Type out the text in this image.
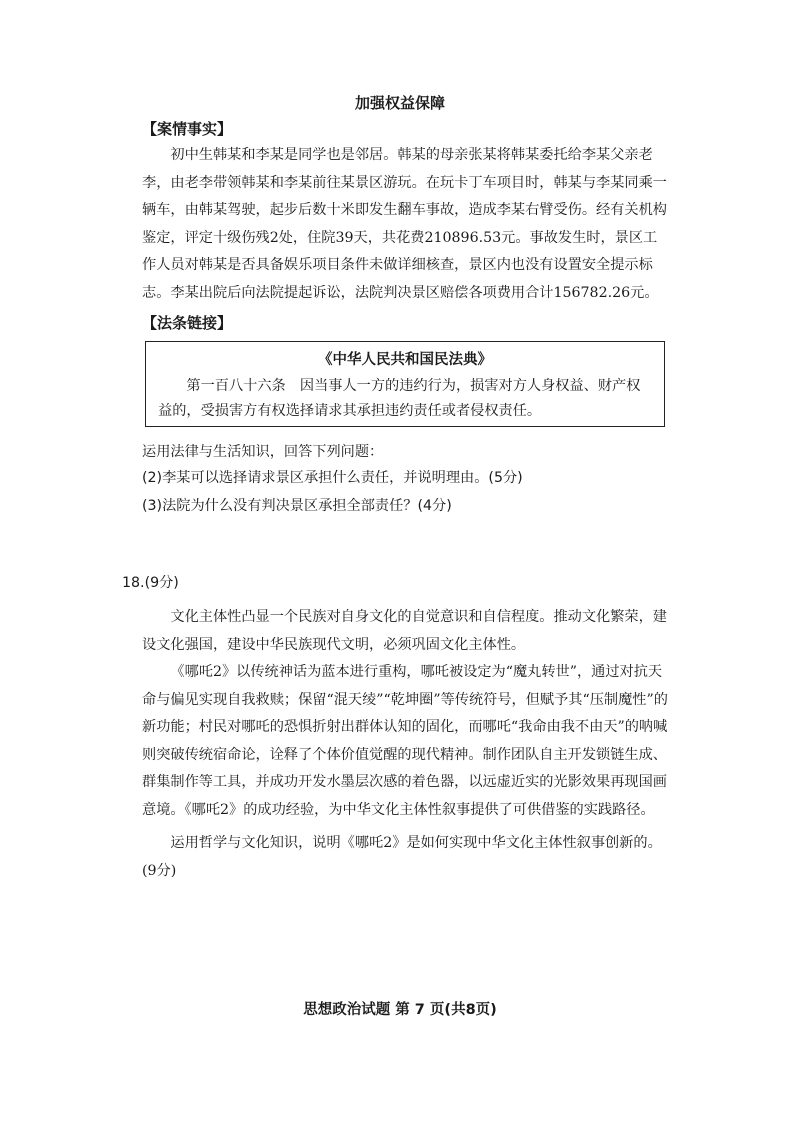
加强权益保障
【案情事实】

初中生韩某和李某是同学也是邻居。韩某的母亲张某将韩某委托给李某父亲老李，由老李带领韩某和李某前往某景区游玩。在玩卡丁车项目时，韩某与李某同乘一辆车，由韩某驾驶，起步后数十米即发生翻车事故，造成李某右臂受伤。经有关机构鉴定，评定十级伤残2处，住院39天，共花费210896.53元。事故发生时，景区工作人员对韩某是否具备娱乐项目条件未做详细核查，景区内也没有设置安全提示标志。李某出院后向法院提起诉讼，法院判决景区赔偿各项费用合计156782.26元。

【法条链接】
《中华人民共和国民法典》

第一百八十六条　因当事人一方的违约行为，损害对方人身权益、财产权益的，受损害方有权选择请求其承担违约责任或者侵权责任。

运用法律与生活知识，回答下列问题：
(2)李某可以选择请求景区承担什么责任，并说明理由。(5分)
(3)法院为什么没有判决景区承担全部责任？(4分)
18.(9分)

文化主体性凸显一个民族对自身文化的自觉意识和自信程度。推动文化繁荣，建设文化强国，建设中华民族现代文明，必须巩固文化主体性。

《哪吒2》以传统神话为蓝本进行重构，哪吒被设定为“魔丸转世”，通过对抗天命与偏见实现自我救赎；保留“混天绫”“乾坤圈”等传统符号，但赋予其“压制魔性”的新功能；村民对哪吒的恐惧折射出群体认知的固化，而哪吒“我命由我不由天”的呐喊则突破传统宿命论，诠释了个体价值觉醒的现代精神。制作团队自主开发锁链生成、群集制作等工具，并成功开发水墨层次感的着色器，以远虚近实的光影效果再现国画意境。《哪吒2》的成功经验，为中华文化主体性叙事提供了可供借鉴的实践路径。

运用哲学与文化知识，说明《哪吒2》是如何实现中华文化主体性叙事创新的。(9分)

思想政治试题 第 7 页(共8页)
